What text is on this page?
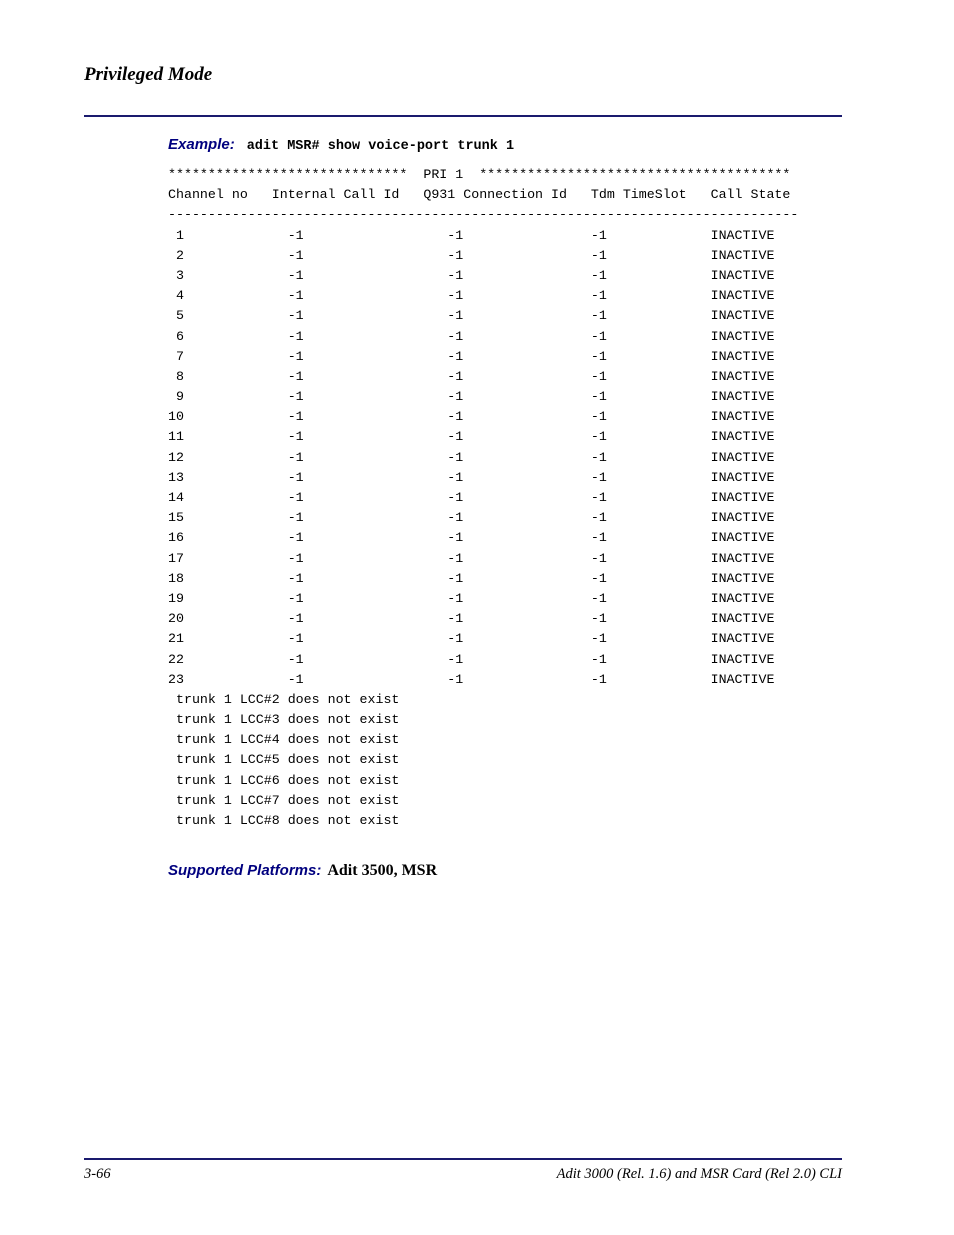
Privileged Mode
Example: adit MSR# show voice-port trunk 1
******************************  PRI 1  ***************************************
Channel no   Internal Call Id   Q931 Connection Id   Tdm TimeSlot   Call State
-------------------------------------------------------------------------------
1             -1                  -1                -1             INACTIVE
2             -1                  -1                -1             INACTIVE
3             -1                  -1                -1             INACTIVE
4             -1                  -1                -1             INACTIVE
5             -1                  -1                -1             INACTIVE
6             -1                  -1                -1             INACTIVE
7             -1                  -1                -1             INACTIVE
8             -1                  -1                -1             INACTIVE
9             -1                  -1                -1             INACTIVE
10             -1                  -1                -1             INACTIVE
11             -1                  -1                -1             INACTIVE
12             -1                  -1                -1             INACTIVE
13             -1                  -1                -1             INACTIVE
14             -1                  -1                -1             INACTIVE
15             -1                  -1                -1             INACTIVE
16             -1                  -1                -1             INACTIVE
17             -1                  -1                -1             INACTIVE
18             -1                  -1                -1             INACTIVE
19             -1                  -1                -1             INACTIVE
20             -1                  -1                -1             INACTIVE
21             -1                  -1                -1             INACTIVE
22             -1                  -1                -1             INACTIVE
23             -1                  -1                -1             INACTIVE
trunk 1 LCC#2 does not exist
trunk 1 LCC#3 does not exist
trunk 1 LCC#4 does not exist
trunk 1 LCC#5 does not exist
trunk 1 LCC#6 does not exist
trunk 1 LCC#7 does not exist
trunk 1 LCC#8 does not exist
Supported Platforms: Adit 3500, MSR
3-66	Adit 3000 (Rel. 1.6) and MSR Card (Rel 2.0) CLI
